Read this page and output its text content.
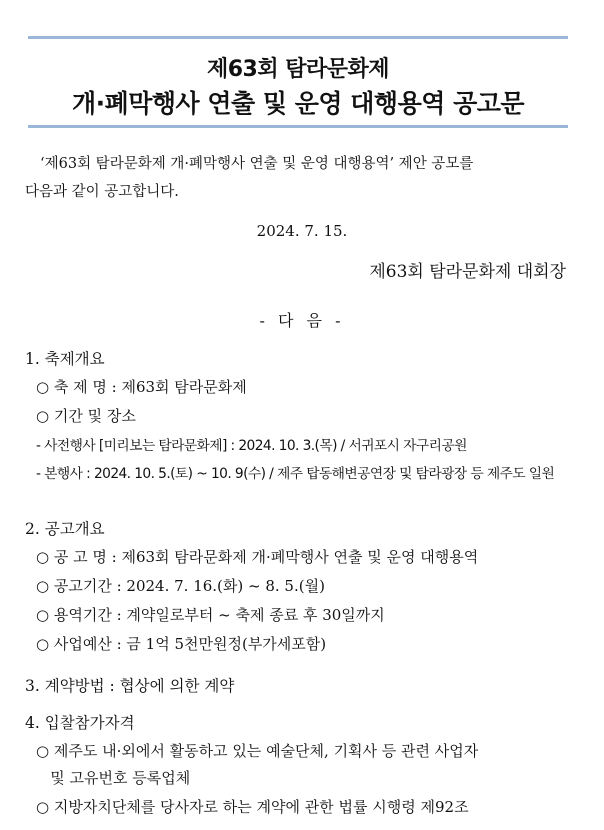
제63회 탐라문화제
개·폐막행사 연출 및 운영 대행용역 공고문
‘제63회 탐라문화제 개·폐막행사 연출 및 운영 대행용역’ 제안 공모를
다음과 같이 공고합니다.
2024. 7. 15.
제63회 탐라문화제 대회장
- 다 음 -
1. 축제개요
○ 축 제 명 : 제63회 탐라문화제
○ 기간 및 장소
- 사전행사 [미리보는 탐라문화제] : 2024. 10. 3.(목) / 서귀포시 자구리공원
- 본행사 : 2024. 10. 5.(토) ~ 10. 9(수) / 제주 탑동해변공연장 및 탐라광장 등 제주도 일원
2. 공고개요
○ 공 고 명 : 제63회 탐라문화제 개·폐막행사 연출 및 운영 대행용역
○ 공고기간 : 2024. 7. 16.(화) ~ 8. 5.(월)
○ 용역기간 : 계약일로부터 ~ 축제 종료 후 30일까지
○ 사업예산 : 금 1억 5천만원정(부가세포함)
3. 계약방법 : 협상에 의한 계약
4. 입찰참가자격
○ 제주도 내·외에서 활동하고 있는 예술단체, 기획사 등 관련 사업자
및 고유번호 등록업체
○ 지방자치단체를 당사자로 하는 계약에 관한 법률 시행령 제92조
